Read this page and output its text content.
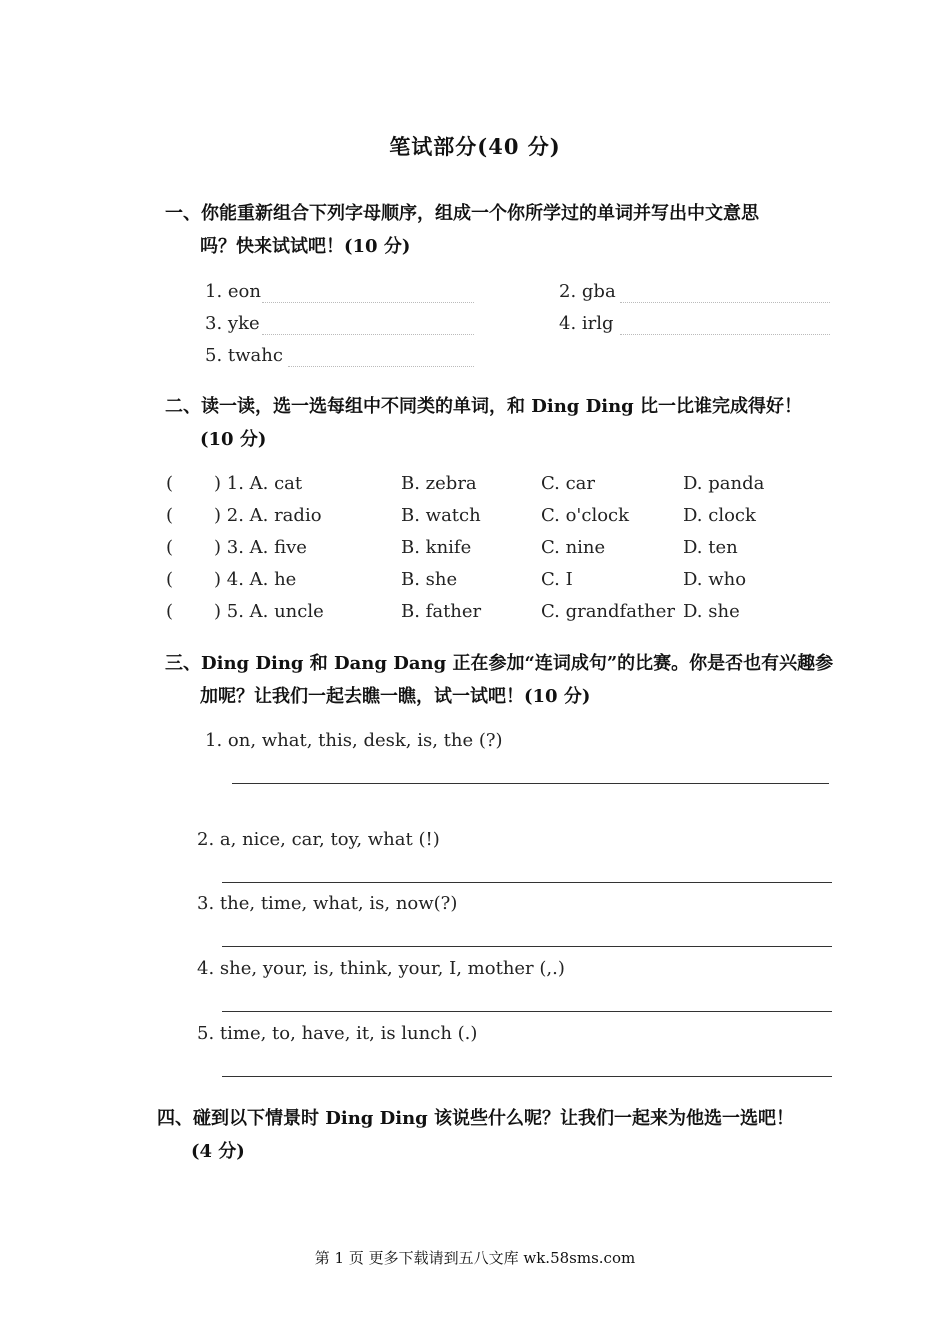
笔试部分(40 分)
一、你能重新组合下列字母顺序，组成一个你所学过的单词并写出中文意思
吗？快来试试吧！(10 分)
1. eon	2. gba
3. yke	4. irlg
5. twahc
二、读一读，选一选每组中不同类的单词，和 Ding Ding 比一比谁完成得好！
(10 分)
( ) 1. A. cat	B. zebra	C. car	D. panda
( ) 2. A. radio	B. watch	C. o'clock	D. clock
( ) 3. A. five	B. knife	C. nine	D. ten
( ) 4. A. he	B. she	C. I	D. who
( ) 5. A. uncle	B. father	C. grandfather D. she
三、Ding Ding 和 Dang Dang 正在参加“连词成句”的比赛。你是否也有兴趣参
加呢？让我们一起去瞧一瞧，试一试吧！(10 分)
1. on, what, this, desk, is, the (?)
2. a, nice, car, toy, what (!)
3. the, time, what, is, now(?)
4. she, your, is, think, your, I, mother (,.)
5. time, to, have, it, is lunch (.)
四、碰到以下情景时 Ding Ding 该说些什么呢？让我们一起来为他选一选吧！
(4 分)
第 1 页 更多下载请到五八文库 wk.58sms.com
